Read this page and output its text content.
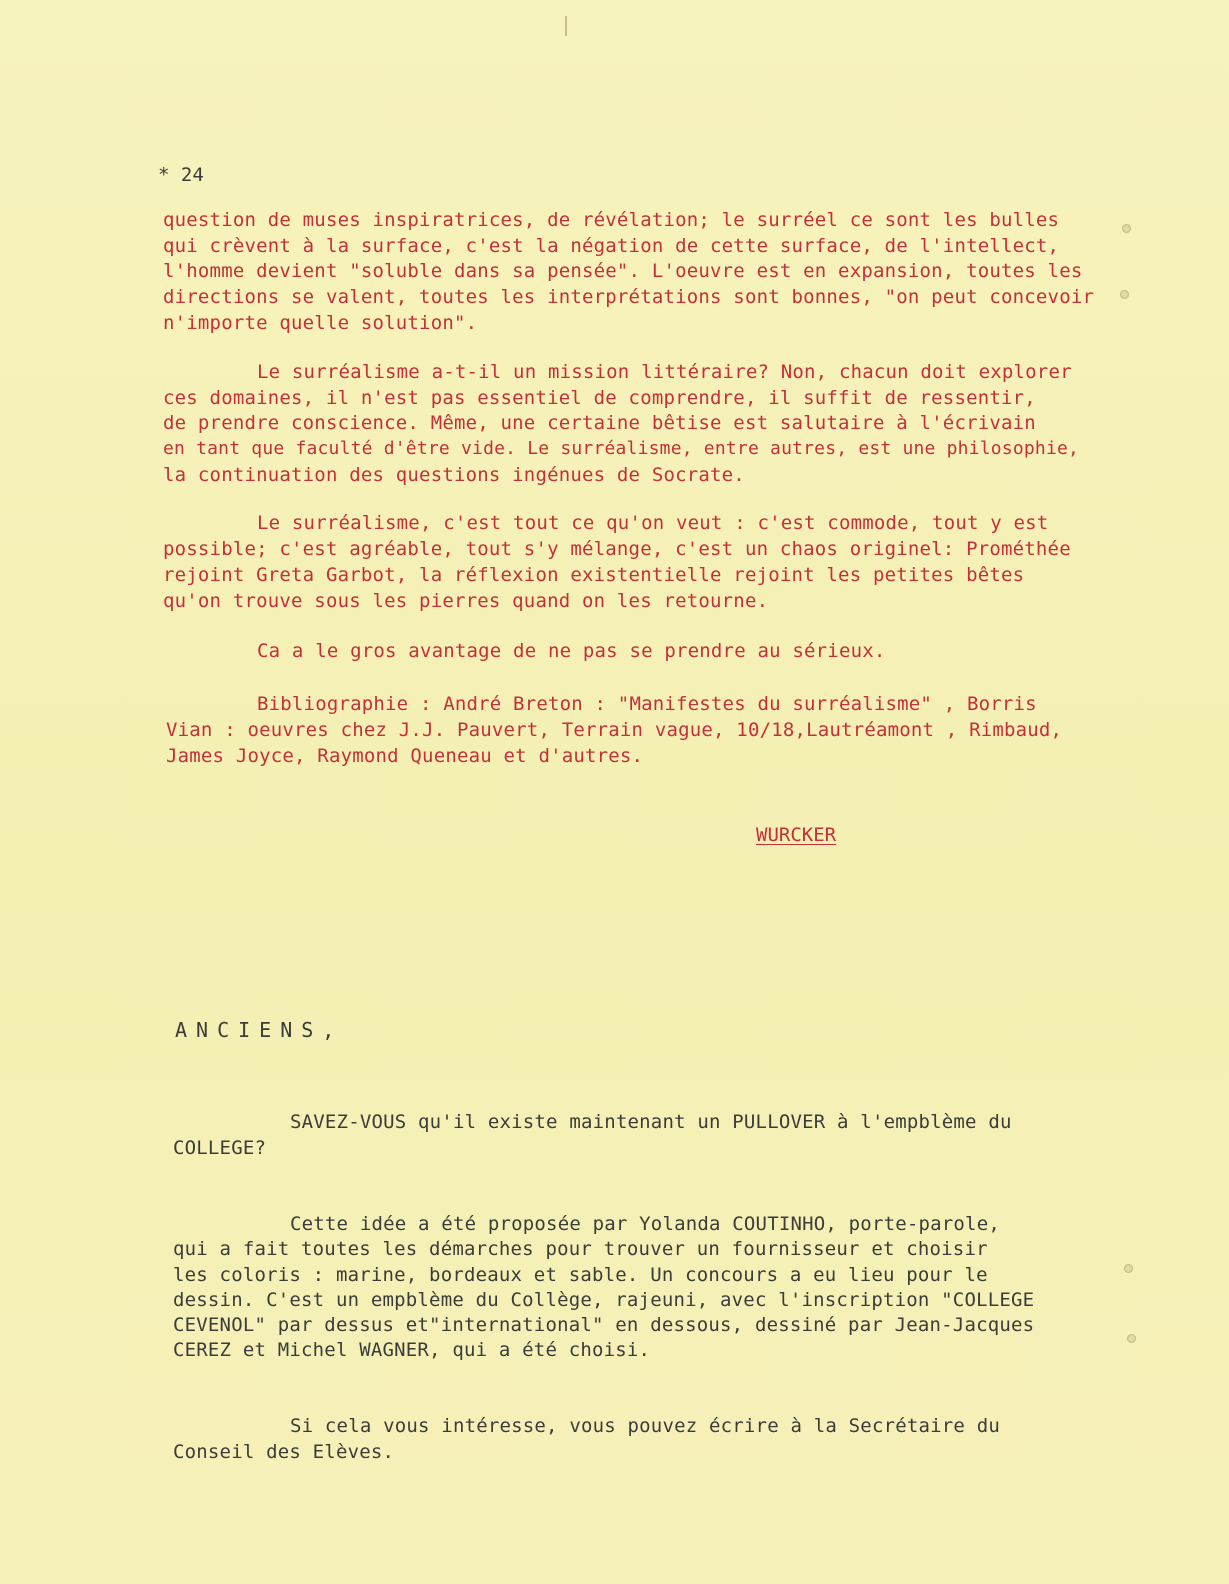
* 24
question de muses inspiratrices, de révélation; le surréel ce sont les bulles
qui crèvent à la surface, c'est la négation de cette surface, de l'intellect,
l'homme devient "soluble dans sa pensée". L'oeuvre est en expansion, toutes les
directions se valent, toutes les interprétations sont bonnes, "on peut concevoir
n'importe quelle solution".
Le surréalisme a-t-il un mission littéraire? Non, chacun doit explorer
ces domaines, il n'est pas essentiel de comprendre, il suffit de ressentir,
de prendre conscience. Même, une certaine bêtise est salutaire à l'écrivain
en tant que faculté d'être vide. Le surréalisme, entre autres, est une philosophie,
la continuation des questions ingénues de Socrate.
Le surréalisme, c'est tout ce qu'on veut : c'est commode, tout y est
possible; c'est agréable, tout s'y mélange, c'est un chaos originel: Prométhée
rejoint Greta Garbot, la réflexion existentielle rejoint les petites bêtes
qu'on trouve sous les pierres quand on les retourne.
Ca a le gros avantage de ne pas se prendre au sérieux.
Bibliographie : André Breton : "Manifestes du surréalisme" , Borris
Vian : oeuvres chez J.J. Pauvert, Terrain vague, 10/18,Lautréamont , Rimbaud,
James Joyce, Raymond Queneau et d'autres.
WURCKER
ANCIENS,
SAVEZ-VOUS qu'il existe maintenant un PULLOVER à l'empblème du
COLLEGE?
Cette idée a été proposée par Yolanda COUTINHO, porte-parole,
qui a fait toutes les démarches pour trouver un fournisseur et choisir
les coloris : marine, bordeaux et sable. Un concours a eu lieu pour le
dessin. C'est un empblème du Collège, rajeuni, avec l'inscription "COLLEGE
CEVENOL" par dessus et"international" en dessous, dessiné par Jean-Jacques
CEREZ et Michel WAGNER, qui a été choisi.
Si cela vous intéresse, vous pouvez écrire à la Secrétaire du
Conseil des Elèves.
